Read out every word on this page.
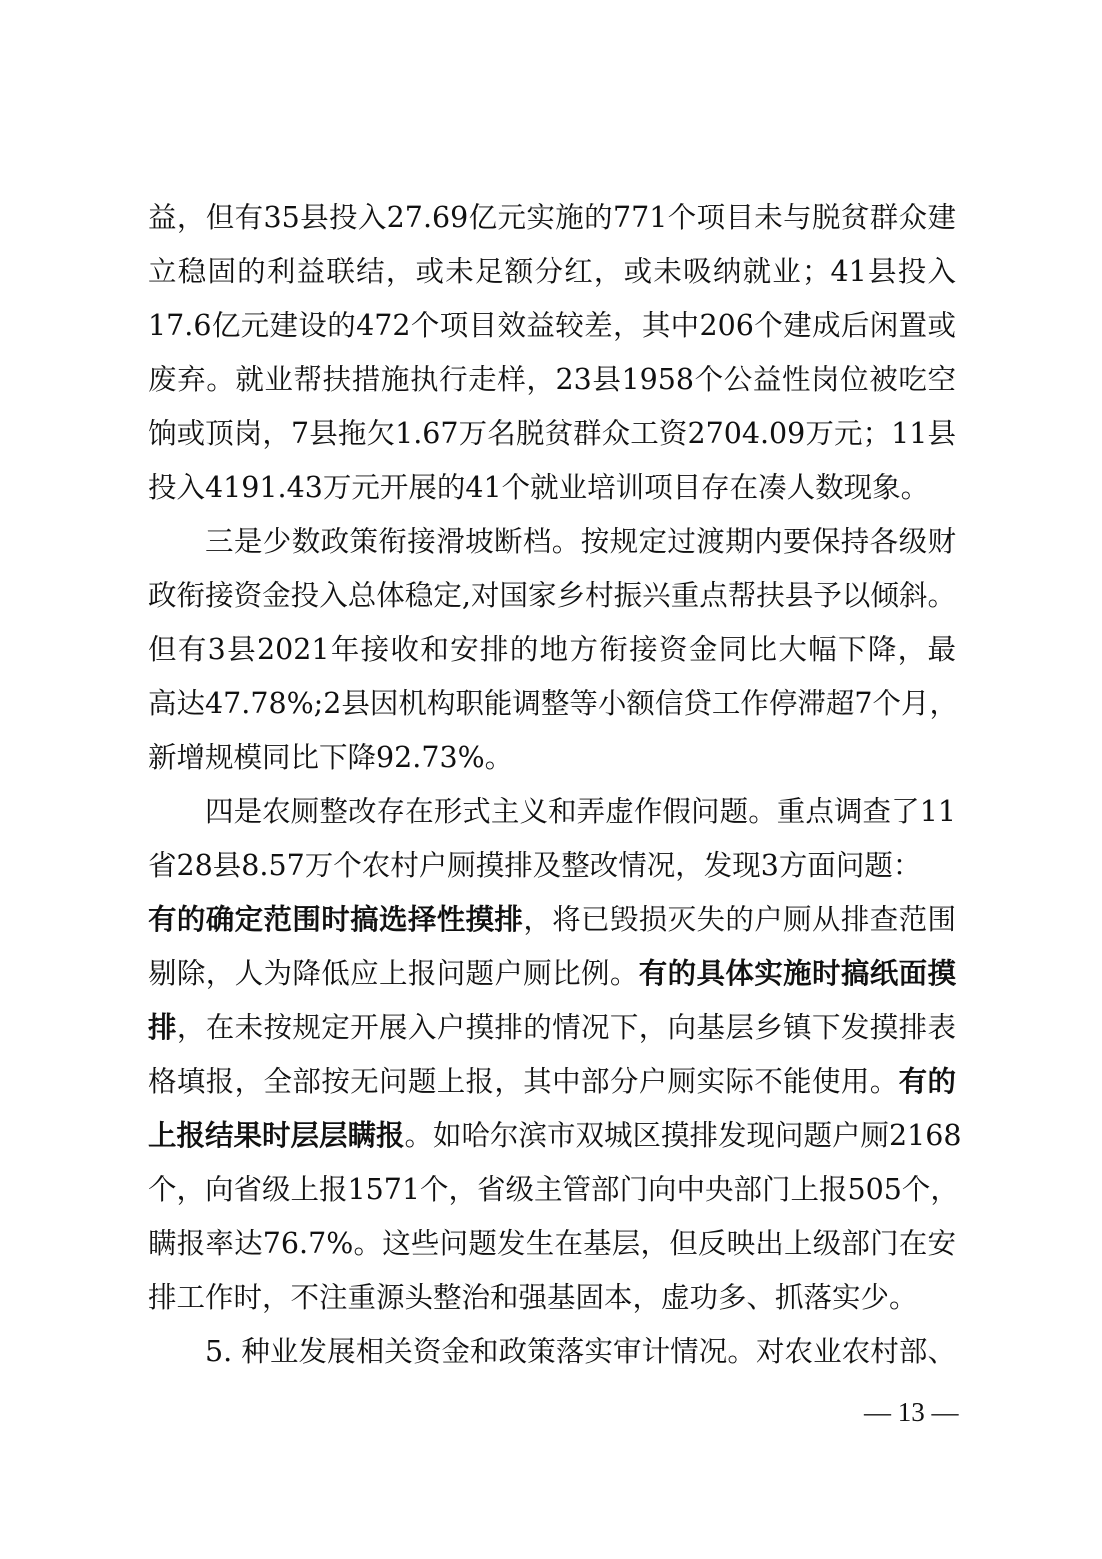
益，但有35县投入27.69亿元实施的771个项目未与脱贫群众建
立稳固的利益联结，或未足额分红，或未吸纳就业；41县投入
17.6亿元建设的472个项目效益较差，其中206个建成后闲置或
废弃。就业帮扶措施执行走样，23县1958个公益性岗位被吃空
饷或顶岗，7县拖欠1.67万名脱贫群众工资2704.09万元；11县
投入4191.43万元开展的41个就业培训项目存在凑人数现象。
三是少数政策衔接滑坡断档。按规定过渡期内要保持各级财
政衔接资金投入总体稳定,对国家乡村振兴重点帮扶县予以倾斜。
但有3县2021年接收和安排的地方衔接资金同比大幅下降，最
高达47.78%;2县因机构职能调整等小额信贷工作停滞超7个月，
新增规模同比下降92.73%。
四是农厕整改存在形式主义和弄虚作假问题。重点调查了11
省28县8.57万个农村户厕摸排及整改情况，发现3方面问题：
有的确定范围时搞选择性摸排，将已毁损灭失的户厕从排查范围
剔除，人为降低应上报问题户厕比例。有的具体实施时搞纸面摸
排，在未按规定开展入户摸排的情况下，向基层乡镇下发摸排表
格填报，全部按无问题上报，其中部分户厕实际不能使用。有的
上报结果时层层瞒报。如哈尔滨市双城区摸排发现问题户厕2168
个，向省级上报1571个，省级主管部门向中央部门上报505个，
瞒报率达76.7%。这些问题发生在基层，但反映出上级部门在安
排工作时，不注重源头整治和强基固本，虚功多、抓落实少。
5. 种业发展相关资金和政策落实审计情况。对农业农村部、
— 13 —
